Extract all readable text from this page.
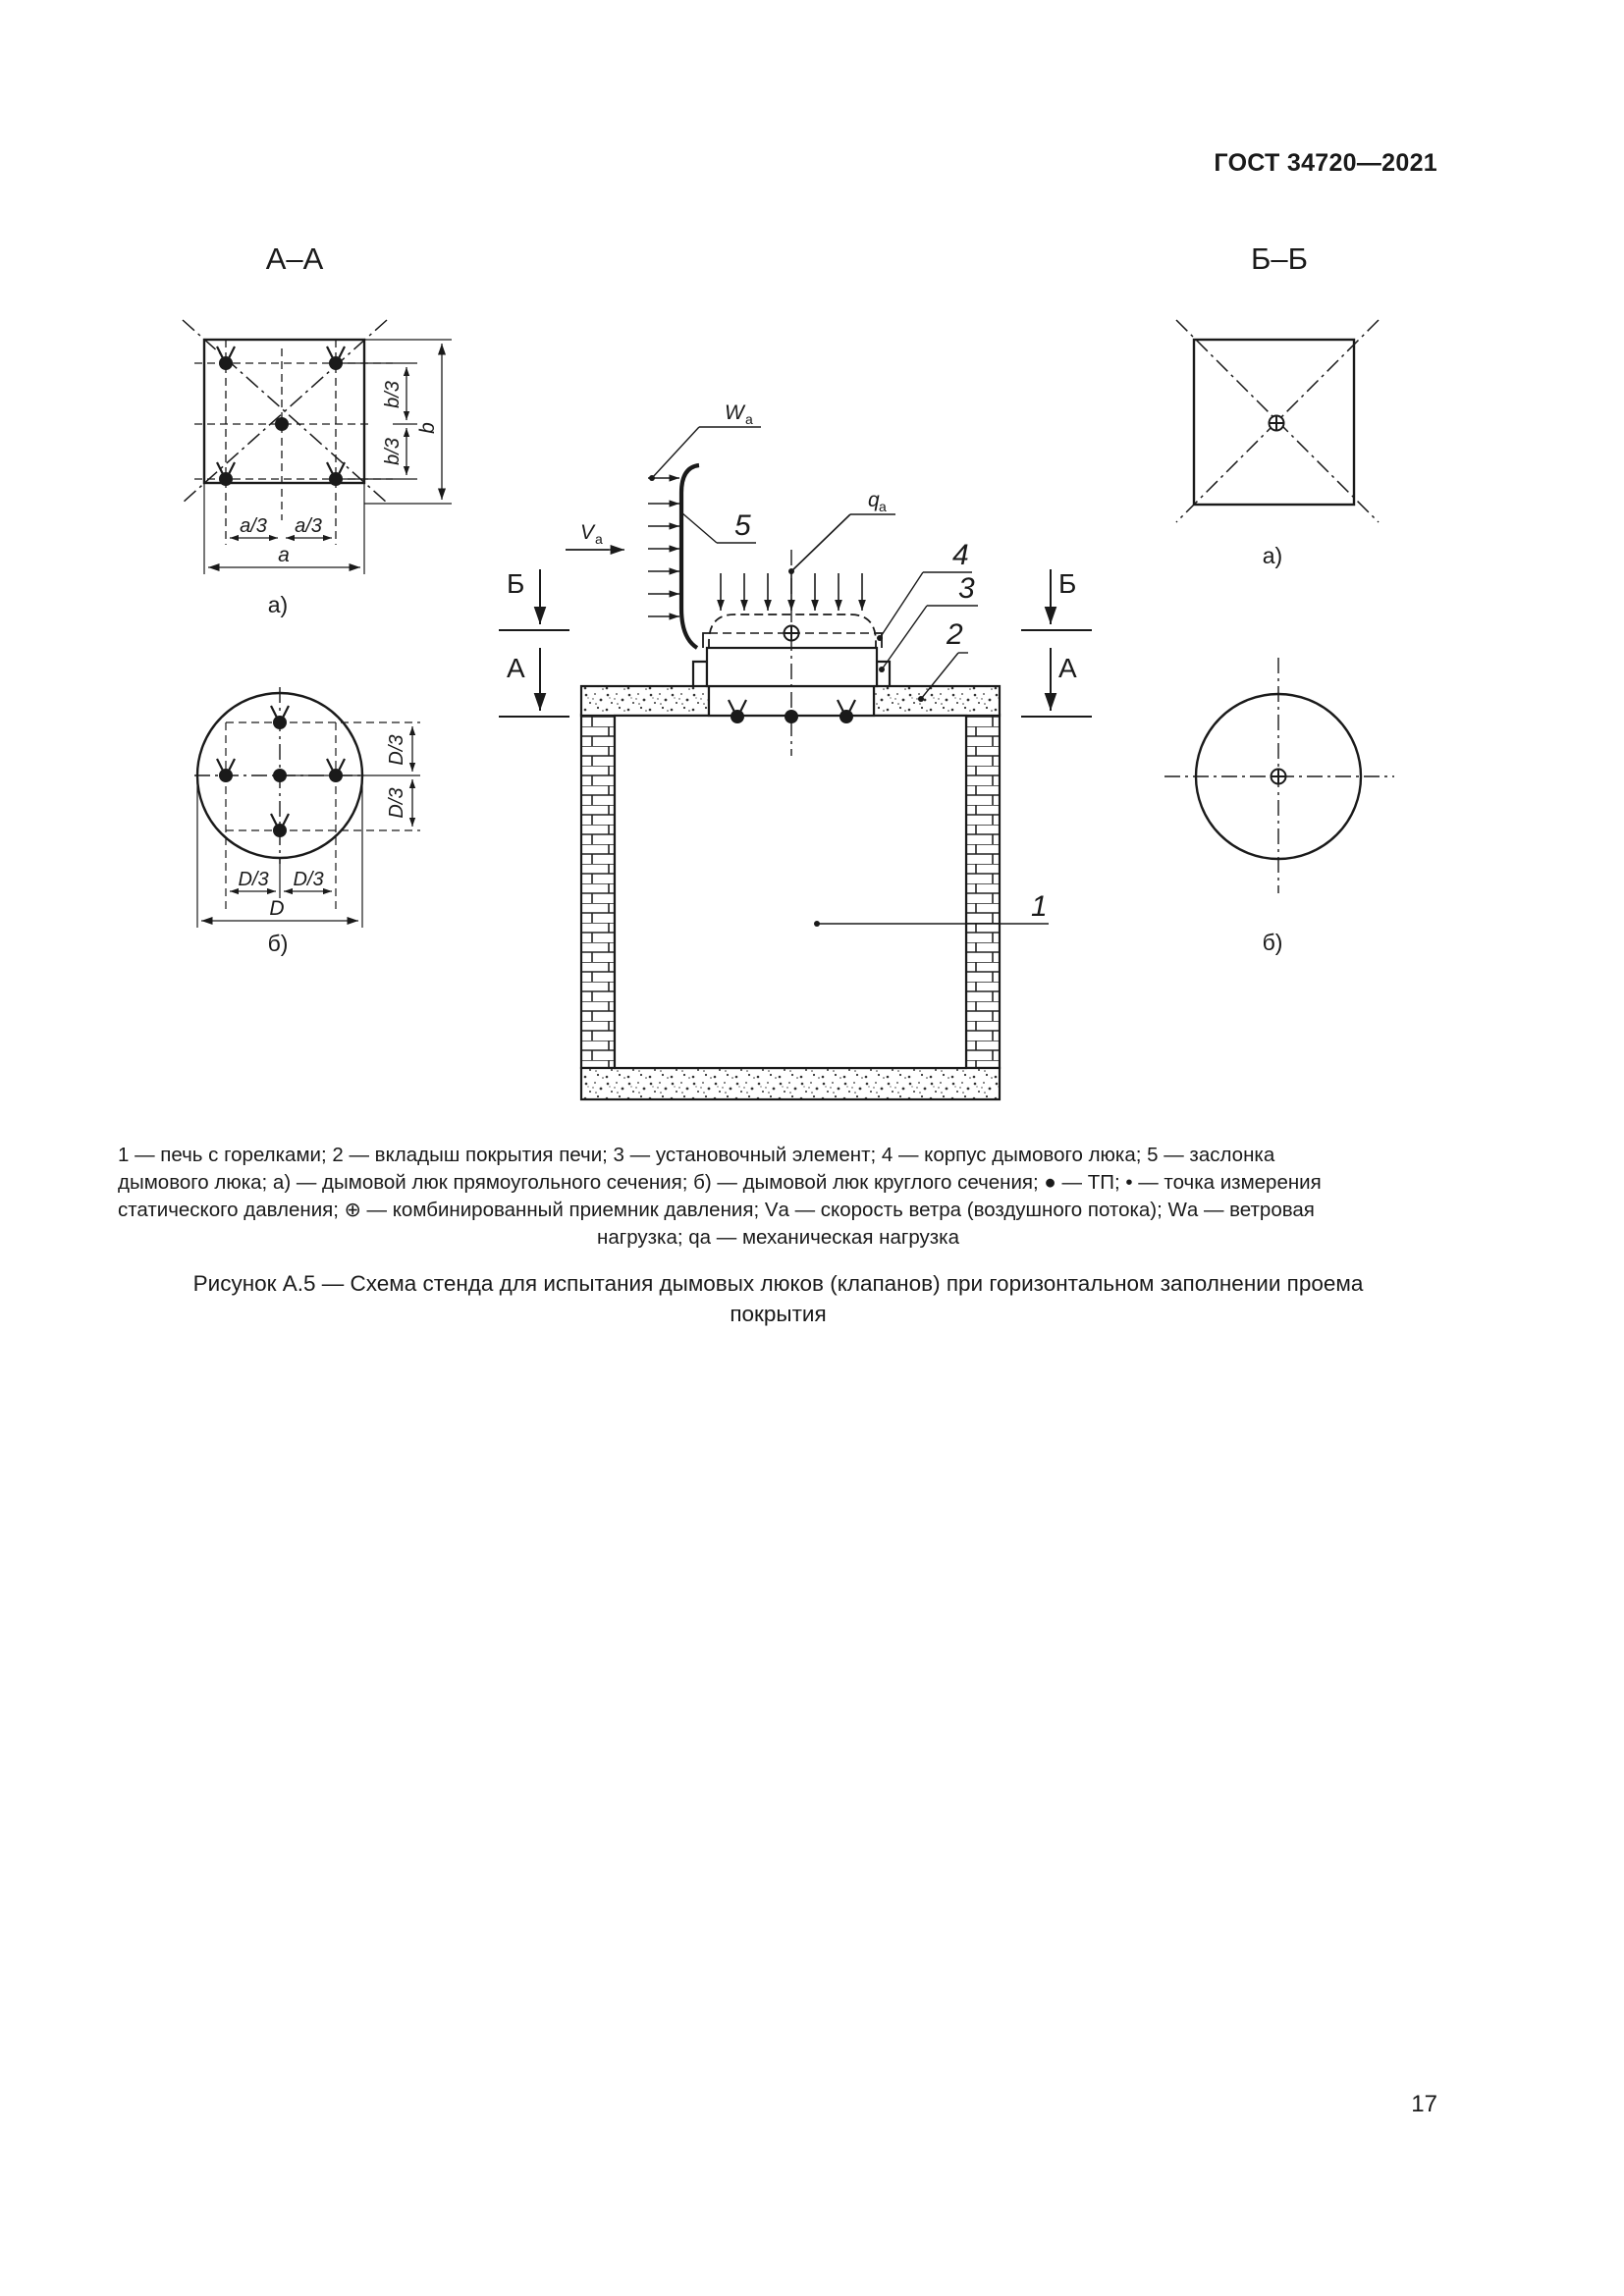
ГОСТ 34720—2021
А–А
b
b/3
b/3
a
a/3 a/3
а)
D/3
D/3
D/3 D/3
D
б)
Б–Б
а)
б)
q a
W a
V a	4
3
2
1
5
Б
А
Б
А
1 — печь с горелками; 2 — вкладыш покрытия печи; 3 — установочный элемент; 4 — корпус дымового люка; 5 — заслонка
дымового люка; а) — дымовой люк прямоугольного сечения; б) — дымовой люк круглого сечения; ● — ТП; • — точка измерения
статического давления; ⊕ — комбинированный приемник давления; Vа — скорость ветра (воздушного потока); Wа — ветровая
нагрузка; qа — механическая нагрузка
Рисунок А.5 — Схема стенда для испытания дымовых люков (клапанов) при горизонтальном заполнении проема
покрытия
17
